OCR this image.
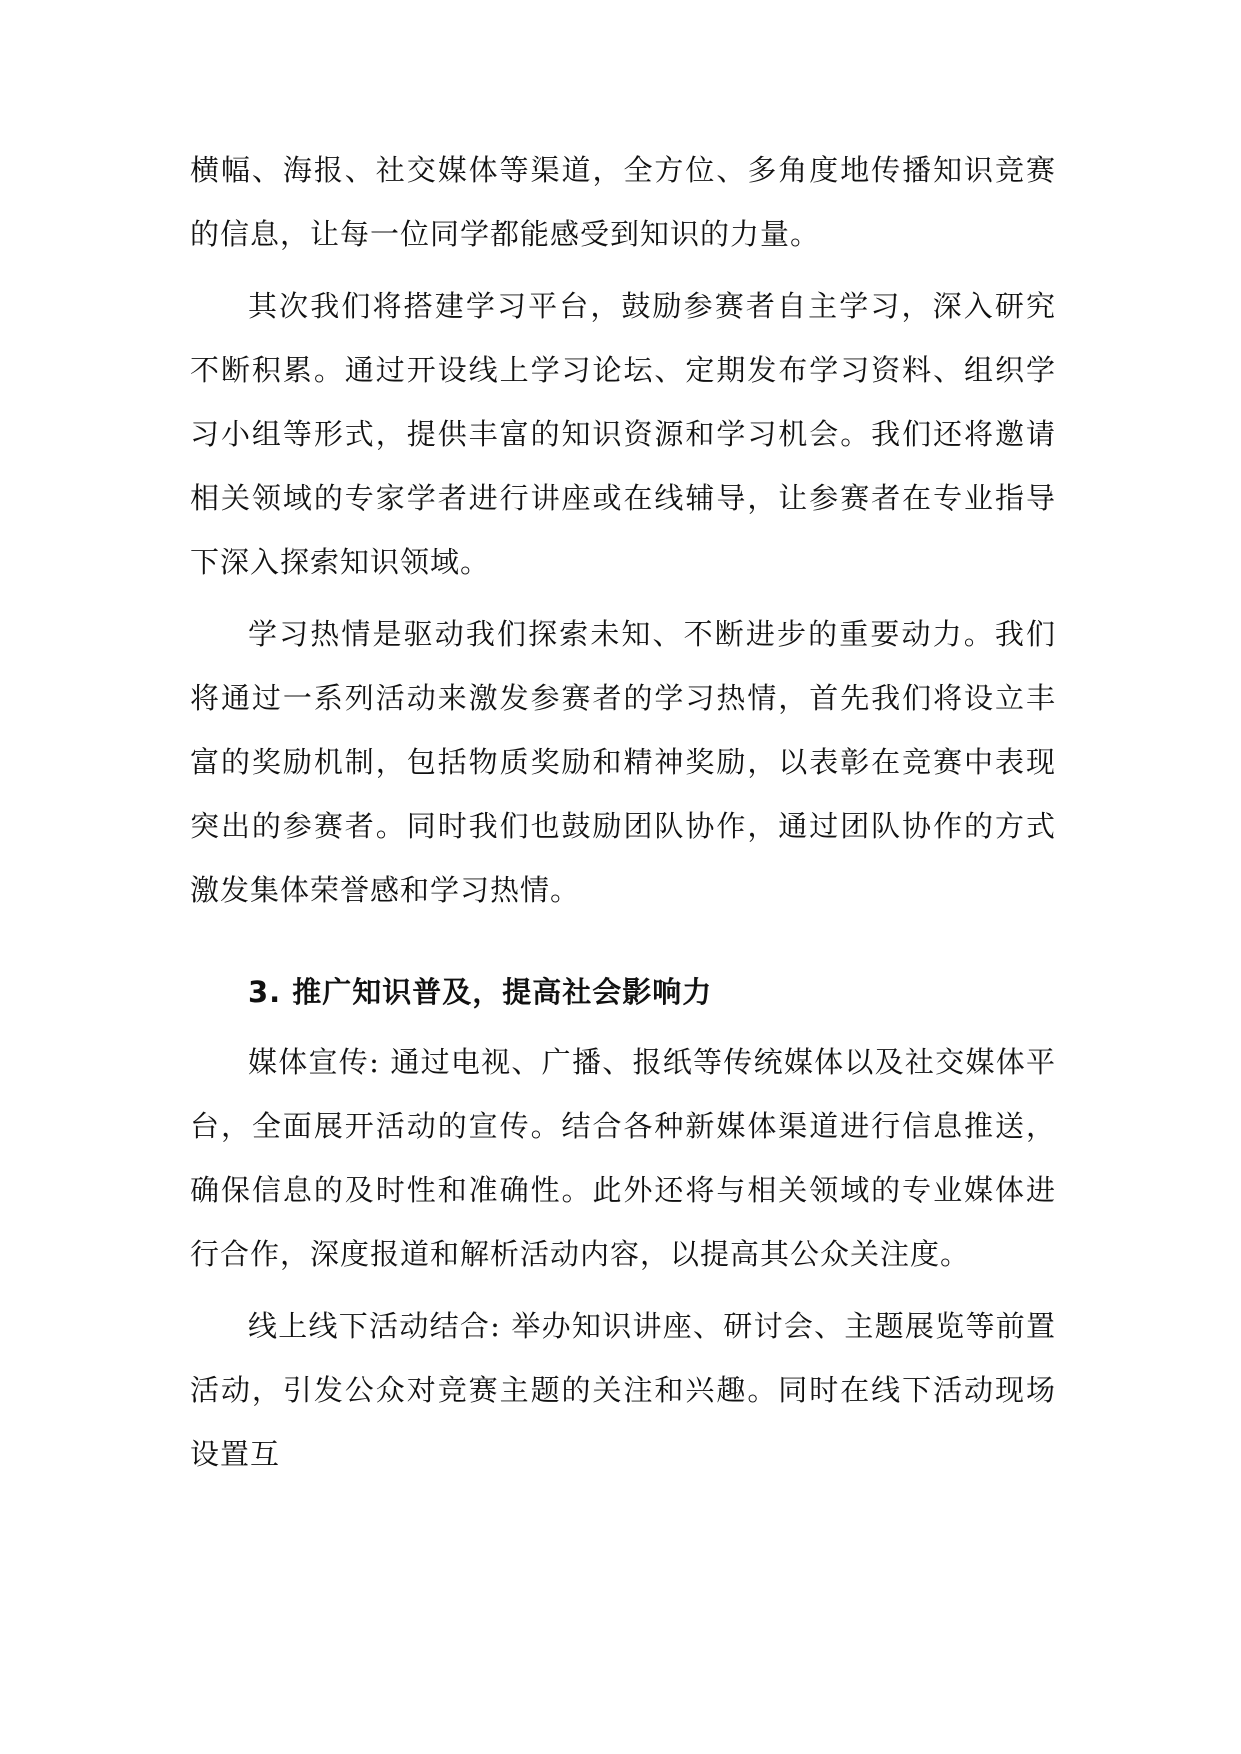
横幅、海报、社交媒体等渠道，全方位、多角度地传播知识竞赛的信息，让每一位同学都能感受到知识的力量。

其次我们将搭建学习平台，鼓励参赛者自主学习，深入研究不断积累。通过开设线上学习论坛、定期发布学习资料、组织学习小组等形式，提供丰富的知识资源和学习机会。我们还将邀请相关领域的专家学者进行讲座或在线辅导，让参赛者在专业指导下深入探索知识领域。

学习热情是驱动我们探索未知、不断进步的重要动力。我们将通过一系列活动来激发参赛者的学习热情，首先我们将设立丰富的奖励机制，包括物质奖励和精神奖励，以表彰在竞赛中表现突出的参赛者。同时我们也鼓励团队协作，通过团队协作的方式激发集体荣誉感和学习热情。

3. 推广知识普及，提高社会影响力

媒体宣传: 通过电视、广播、报纸等传统媒体以及社交媒体平台，全面展开活动的宣传。结合各种新媒体渠道进行信息推送，确保信息的及时性和准确性。此外还将与相关领域的专业媒体进行合作，深度报道和解析活动内容，以提高其公众关注度。

线上线下活动结合: 举办知识讲座、研讨会、主题展览等前置活动，引发公众对竞赛主题的关注和兴趣。同时在线下活动现场设置互
